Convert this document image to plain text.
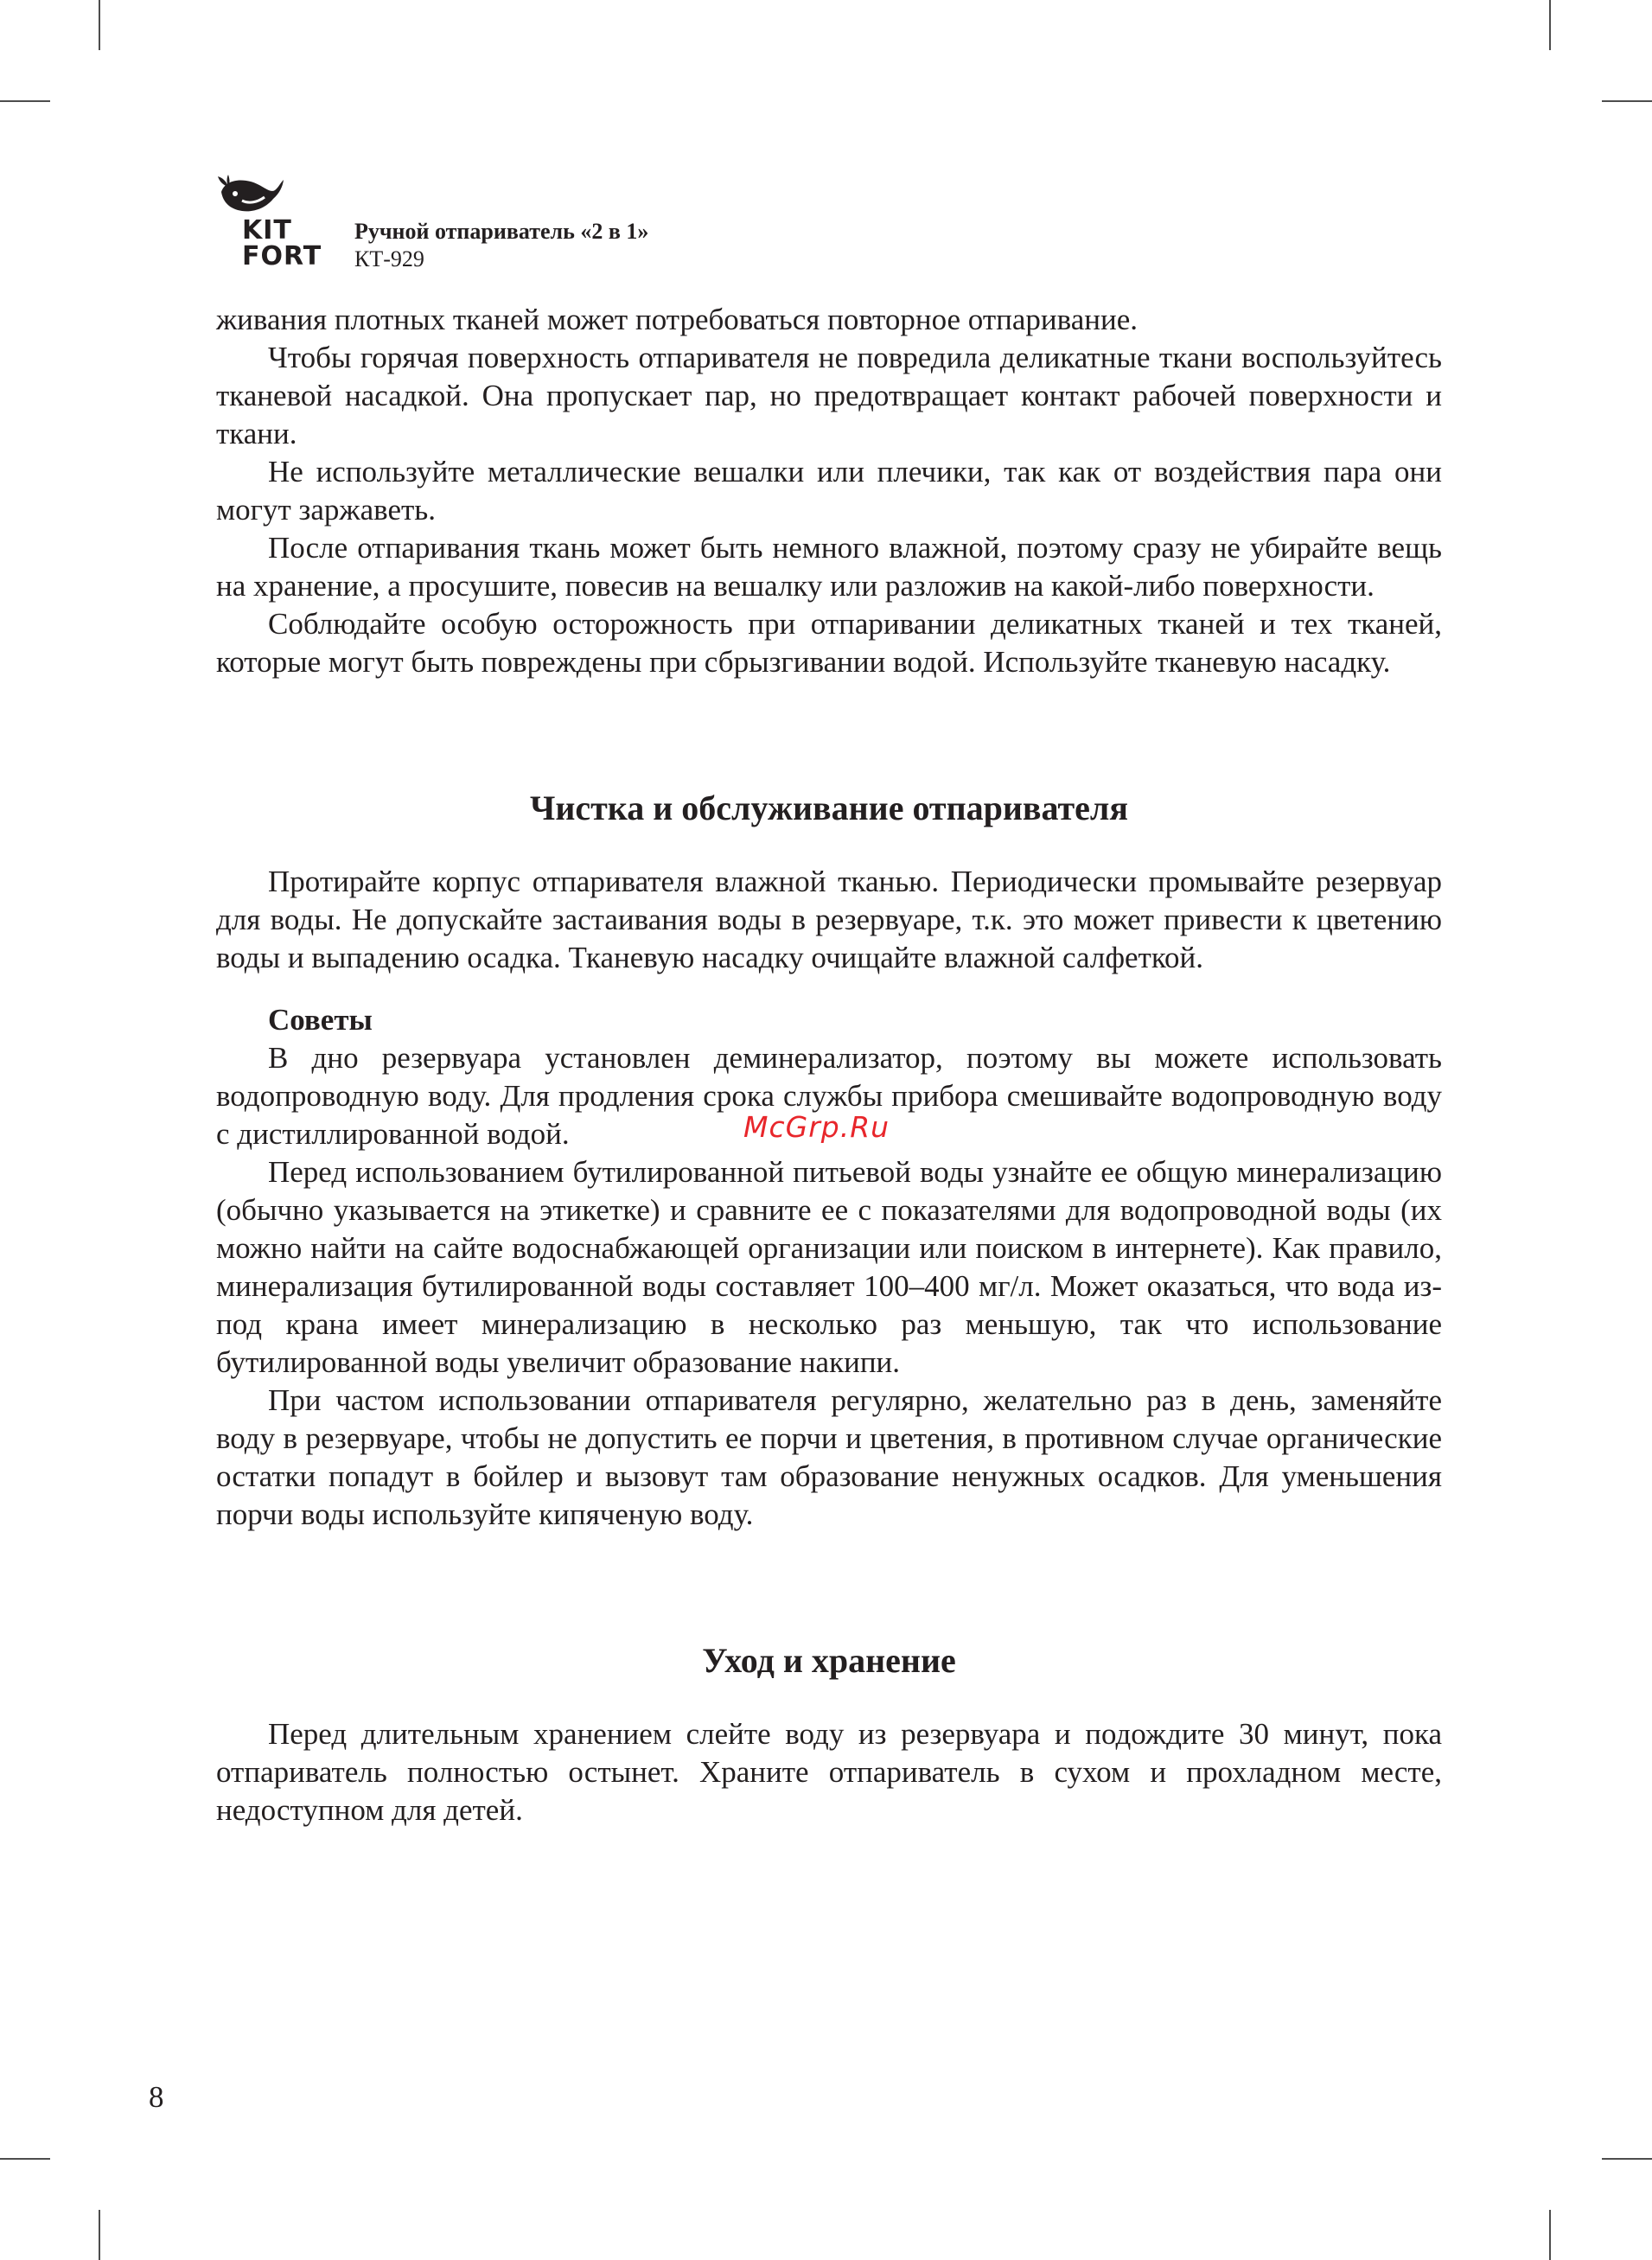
KIT
FORT
Ручной отпариватель «2 в 1»
КТ-929

живания плотных тканей может потребоваться повторное отпаривание.

Чтобы горячая поверхность отпаривателя не повредила деликатные ткани воспользуйтесь тканевой насадкой. Она пропускает пар, но предотвращает контакт рабочей поверхности и ткани.

Не используйте металлические вешалки или плечики, так как от воздействия пара они могут заржаветь.

После отпаривания ткань может быть немного влажной, поэтому сразу не убирайте вещь на хранение, а просушите, повесив на вешалку или разложив на какой-либо поверхности.

Соблюдайте особую осторожность при отпаривании деликатных тканей и тех тканей, которые могут быть повреждены при сбрызгивании водой. Используйте тканевую насадку.

Чистка и обслуживание отпаривателя

Протирайте корпус отпаривателя влажной тканью. Периодически промывайте резервуар для воды. Не допускайте застаивания воды в резервуаре, т.к. это может привести к цветению воды и выпадению осадка. Тканевую насадку очищайте влажной салфеткой.

Советы

В дно резервуара установлен деминерализатор, поэтому вы можете использовать водопроводную воду. Для продления срока службы прибора смешивайте водопроводную воду с дистиллированной водой.

Перед использованием бутилированной питьевой воды узнайте ее общую минерализацию (обычно указывается на этикетке) и сравните ее с показателями для водопроводной воды (их можно найти на сайте водоснабжающей организации или поиском в интернете). Как правило, минерализация бутилированной воды составляет 100–400 мг/л. Может оказаться, что вода из-под крана имеет минерализацию в несколько раз меньшую, так что использование бутилированной воды увеличит образование накипи.

При частом использовании отпаривателя регулярно, желательно раз в день, заменяйте воду в резервуаре, чтобы не допустить ее порчи и цветения, в противном случае органические остатки попадут в бойлер и вызовут там образование ненужных осадков. Для уменьшения порчи воды используйте кипяченую воду.

Уход и хранение

Перед длительным хранением слейте воду из резервуара и подождите 30 минут, пока отпариватель полностью остынет. Храните отпариватель в сухом и прохладном месте, недоступном для детей.

McGrp.Ru
8
